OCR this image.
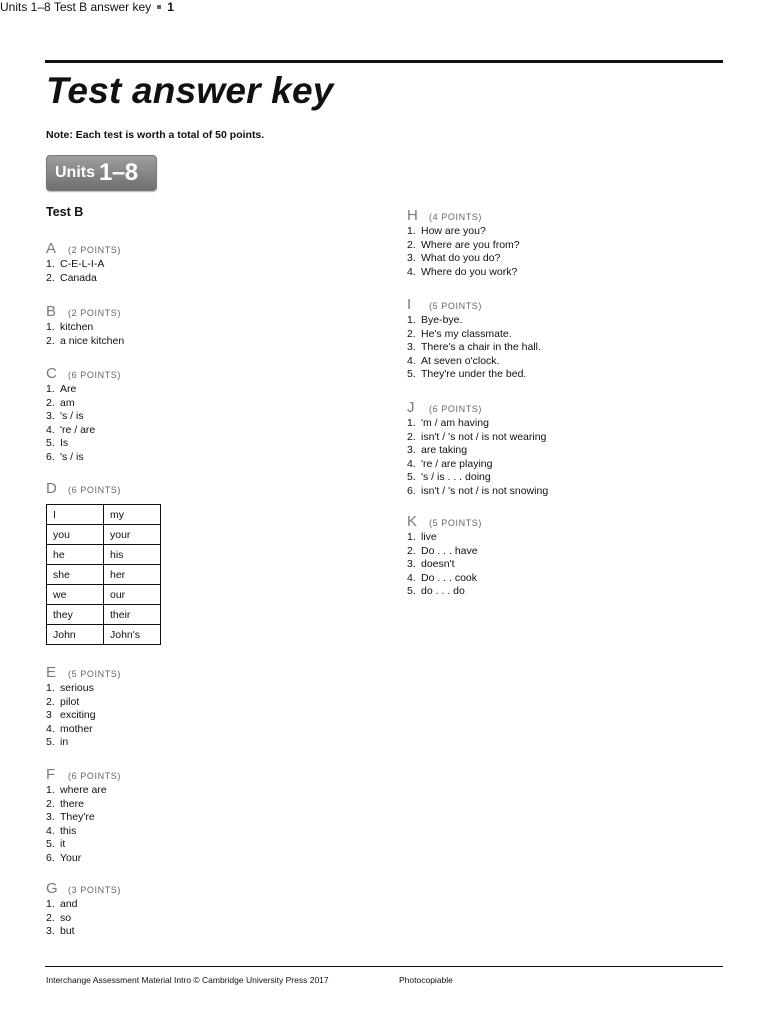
Test answer key
Note: Each test is worth a total of 50 points.
Units 1–8
Test B
A	(2 POINTS)
1. C-E-L-I-A
2. Canada
B	(2 POINTS)
1. kitchen
2. a nice kitchen
C	(6 POINTS)
1. Are
2. am
3. 's / is
4. 're / are
5. Is
6. 's / is
D	(6 POINTS)
I	my
you	your
he	his
she	her
we	our
they	their
John	John's
E	(5 POINTS)
1. serious
2. pilot
3 exciting
4. mother
5. in
F	(6 POINTS)
1. where are
2. there
3. They're
4. this
5. it
6. Your
G	(3 POINTS)
1. and
2. so
3. but
H	(4 POINTS)
1. How are you?
2. Where are you from?
3. What do you do?
4. Where do you work?
I	(5 POINTS)
1. Bye-bye.
2. He's my classmate.
3. There's a chair in the hall.
4. At seven o'clock.
5. They're under the bed.
J	(6 POINTS)
1. 'm / am having
2. isn't / 's not / is not wearing
3. are taking
4. 're / are playing
5. 's / is . . . doing
6. isn't / 's not / is not snowing
K	(5 POINTS)
1. live
2. Do . . . have
3. doesn't
4. Do . . . cook
5. do . . . do
Interchange Assessment Material Intro © Cambridge University Press 2017	Photocopiable
Units 1–8 Test B answer key 1
